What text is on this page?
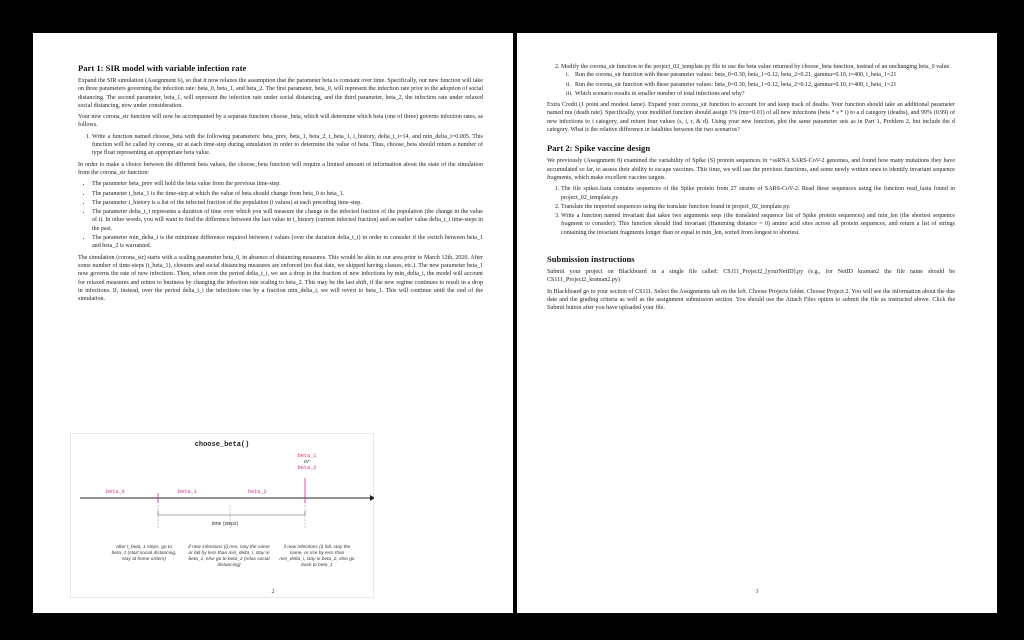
Part 1: SIR model with variable infection rate

Expand the SIR simulation (Assignment 6), so that it now relaxes the assumption that the parameter beta is constant over time. Specifically, our new function will take on three parameters governing the infection rate: beta_0, beta_1, and beta_2. The first parameter, beta_0, will represent the infection rate prior to the adoption of social distancing. The second parameter, beta_1, will represent the infection rate under social distancing, and the third parameter, beta_2, the infection rate under relaxed social distancing, now under consideration.

Your new corona_sir function will now be accompanied by a separate function choose_beta, which will determine which beta (one of three) governs infection rates, as follows.

1. Write a function named choose_beta with the following parameters: beta_prev, beta_1, beta_2, t_beta_1, i_history, delta_t_i=14, and min_delta_i=0.005. This function will be called by corona_sir at each time-step during simulation in order to determine the value of beta. Thus, choose_beta should return a number of type float representing an appropriate beta value.

In order to make a choice between the different beta values, the choose_beta function will require a limited amount of information about the state of the simulation from the corona_sir function:

• The parameter beta_prev will hold the beta value from the previous time-step.
• The parameter t_beta_1 is the time-step at which the value of beta should change from beta_0 to beta_1.
• The parameter i_history is a list of the infected fraction of the population (i values) at each preceding time-step.
• The parameter delta_t_i represents a duration of time over which you will measure the change in the infected fraction of the population (the change in the value of i). In other words, you will want to find the difference between the last value in i_history (current infected fraction) and an earlier value delta_t_i time-steps in the past.
• The parameter min_delta_i is the minimum difference required between i values (over the duration delta_t_i) in order to consider if the switch between beta_1 and beta_2 is warranted.

The simulation (corona_sir) starts with a scaling parameter beta_0, in absence of distancing measures. This would be akin to our area prior to March 12th, 2020. After some number of time-steps (t_beta_1), closures and social distancing measures are enforced (no that date, we skipped having classes, etc.). The new parameter beta_1 now governs the rate of new infections. Then, when over the period delta_t_i, we see a drop in the fraction of new infections by min_delta_i, the model will account for relaxed measures and return to business by changing the infection rate scaling to beta_2. This may be the last shift, if the new regime continues to result in a drop in infections. If, instead, over the period delta_t_i the infections rise by a fraction min_delta_i, we will revert to beta_1. This will continue until the end of the simulation.

choose_beta()
beta_0	beta_1	beta_2
beta_1
or
beta_2
time (steps)
after t_beta_1 steps, go to beta_1 (start social distancing, stay at home orders)
if new infections (i) rise, stay the same or fall by less than min_delta_i, stay in beta_1, else go to beta_2 (relax social distancing)
if new infections (i) fall, stay the same, or rise by less than min_delta_i, stay in beta_2, else go back to beta_1
2
2. Modify the corona_sir function in the project_02_template.py file to use the beta value returned by choose_beta function, instead of an unchanging beta_0 value.
i. Run the corona_sir function with these parameter values: beta_0=0.30, beta_1=0.12, beta_2=0.21, gamma=0.10, t=400, t_beta_1=21
ii. Run the corona_sir function with these parameter values: beta_0=0.30, beta_1=0.12, beta_2=0.12, gamma=0.10, t=400, t_beta_1=21
iii. Which scenario results in smaller number of total infections and why?

Extra Credit (1 point and modest fame). Expand your corona_sir function to account for and keep track of deaths. Your function should take an additional parameter named mu (death rate). Specifically, your modified function should assign 1% (mu=0.01) of all new infections (beta * s * i) to a d category (deaths), and 99% (0.99) of new infections to i category, and return four values (s, i, r, & d). Using your new function, plot the same parameter sets as in Part 1, Problem 2, but include the d category. What is the relative difference in fatalities between the two scenarios?

Part 2: Spike vaccine design

We previously (Assignment 8) examined the variability of Spike (S) protein sequences in +ssRNA SARS-CoV-2 genomes, and found how many mutations they have accumulated so far, to assess their ability to escape vaccines. This time, we will use the previous functions, and some newly written ones to identify invariant sequence fragments, which make excellent vaccine targets.

1. The file spikes.fasta contains sequences of the Spike protein from 27 strains of SARS-CoV-2. Read these sequences using the function read_fasta found in project_02_template.py.
2. Translate the imported sequences using the translate function found in project_02_template.py.
3. Write a function named invariant that takes two arguments seqs (the translated sequence list of Spike protein sequences) and min_len (the shortest sequence fragment to consider). This function should find invariant (Hamming distance = 0) amino acid sites across all protein sequences, and return a list of strings containing the invariant fragments longer than or equal to min_len, sorted from longest to shortest.
Submission instructions

Submit your project on Blackboard in a single file called: CS111_Project2_[yourNetID].py (e.g., for NetID kraman2 the file name should be CS111_Project2_kraman2.py)

In Blackboard go to your section of CS111. Select the Assignments tab on the left. Choose Projects folder. Choose Project 2. You will see the information about the due date and the grading criteria as well as the assignment submission section. You should use the Attach Files option to submit the file as instructed above. Click the Submit button after you have uploaded your file.

3
